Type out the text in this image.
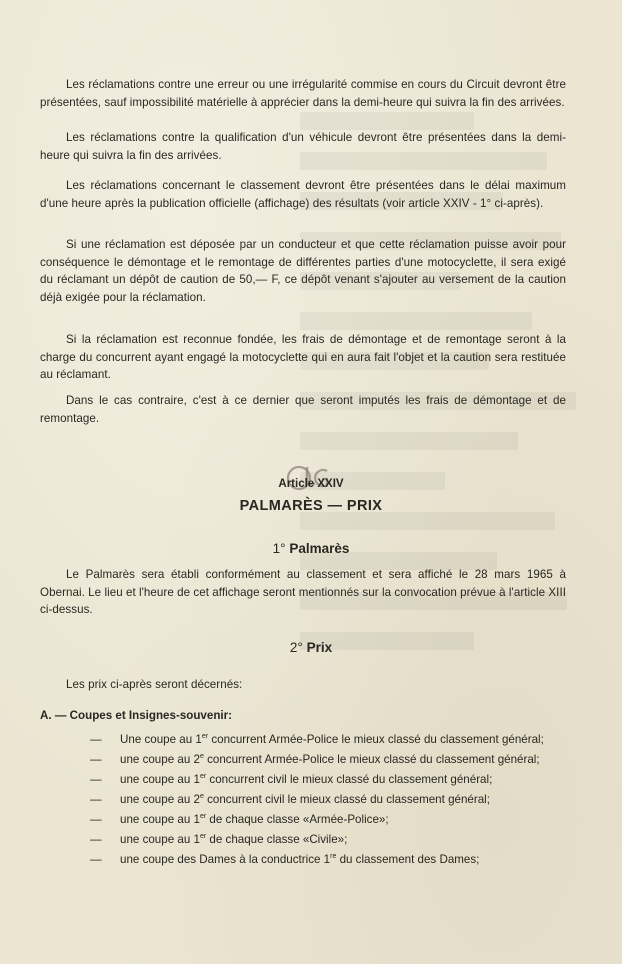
Les réclamations contre une erreur ou une irrégularité commise en cours du Circuit devront être présentées, sauf impossibilité matérielle à apprécier dans la demi-heure qui suivra la fin des arrivées.

Les réclamations contre la qualification d'un véhicule devront être présentées dans la demi-heure qui suivra la fin des arrivées.

Les réclamations concernant le classement devront être présentées dans le délai maximum d'une heure après la publication officielle (affichage) des résultats (voir article XXIV - 1° ci-après).

Si une réclamation est déposée par un conducteur et que cette réclamation puisse avoir pour conséquence le démontage et le remontage de différentes parties d'une motocyclette, il sera exigé du réclamant un dépôt de caution de 50,— F, ce dépôt venant s'ajouter au versement de la caution déjà exigée pour la réclamation.

Si la réclamation est reconnue fondée, les frais de démontage et de remontage seront à la charge du concurrent ayant engagé la motocyclette qui en aura fait l'objet et la caution sera restituée au réclamant.

Dans le cas contraire, c'est à ce dernier que seront imputés les frais de démontage et de remontage.

Article XXIV
PALMARÈS — PRIX
1° Palmarès

Le Palmarès sera établi conformément au classement et sera affiché le 28 mars 1965 à Obernai. Le lieu et l'heure de cet affichage seront mentionnés sur la convocation prévue à l'article XIII ci-dessus.

2° Prix

Les prix ci-après seront décernés:

A. — Coupes et Insignes-souvenir:
— Une coupe au 1er concurrent Armée-Police le mieux classé du classement général;
— une coupe au 2e concurrent Armée-Police le mieux classé du classement général;
— une coupe au 1er concurrent civil le mieux classé du classement général;
— une coupe au 2e concurrent civil le mieux classé du classement général;
— une coupe au 1er de chaque classe «Armée-Police»;
— une coupe au 1er de chaque classe «Civile»;
— une coupe des Dames à la conductrice 1re du classement des Dames;
